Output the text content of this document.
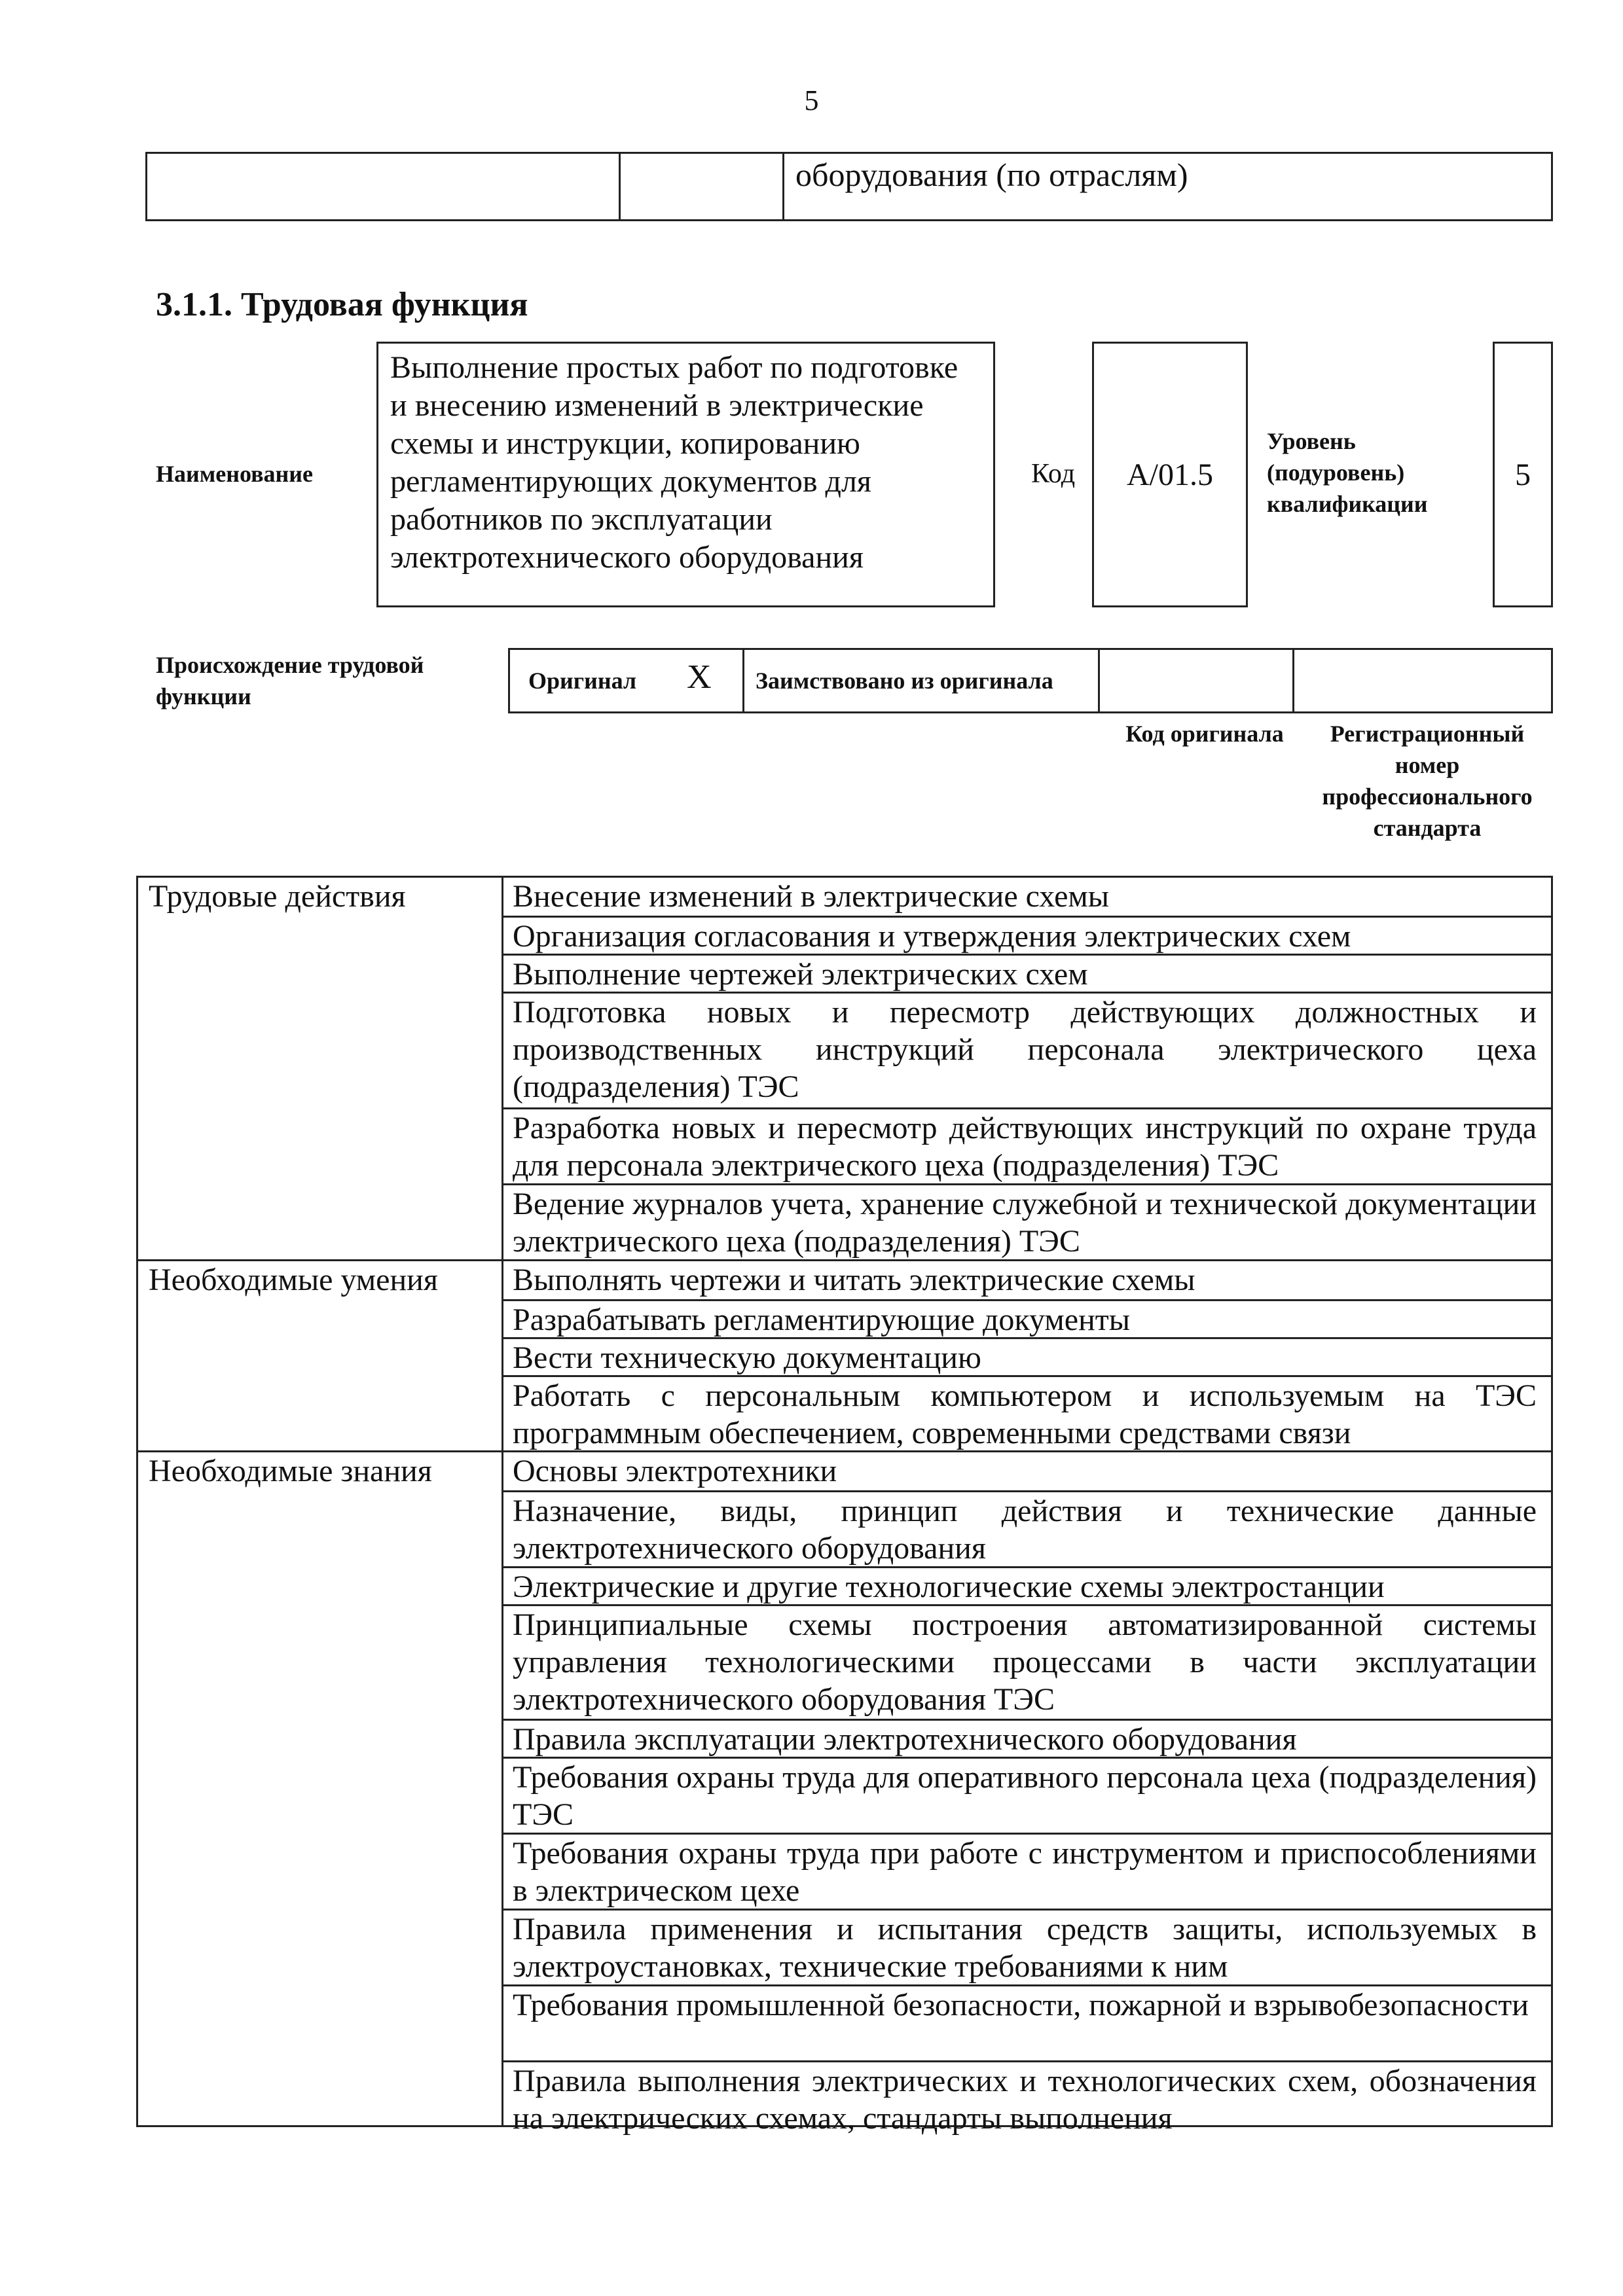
5
оборудования (по отраслям)
3.1.1. Трудовая функция
Наименование
Выполнение простых работ по подготовке и внесению изменений в электрические схемы и инструкции, копированию регламентирующих документов для работников по эксплуатации электротехнического оборудования
Код	А/01.5
Уровень (подуровень) квалификации
5
Происхождение трудовой функции
Оригинал X Заимствовано из оригинала
Код оригинала	Регистрационный номер профессионального стандарта
Трудовые действия	Внесение изменений в электрические схемы
Организация согласования и утверждения электрических схем
Выполнение чертежей электрических схем
Подготовка новых и пересмотр действующих должностных и производственных инструкций персонала электрического цеха (подразделения) ТЭС
Разработка новых и пересмотр действующих инструкций по охране труда для персонала электрического цеха (подразделения) ТЭС
Ведение журналов учета, хранение служебной и технической документации электрического цеха (подразделения) ТЭС
Необходимые умения Выполнять чертежи и читать электрические схемы
Разрабатывать регламентирующие документы
Вести техническую документацию
Работать с персональным компьютером и используемым на ТЭС программным обеспечением, современными средствами связи
Необходимые знания	Основы электротехники
Назначение, виды, принцип действия и технические данные электротехнического оборудования
Электрические и другие технологические схемы электростанции
Принципиальные схемы построения автоматизированной системы управления технологическими процессами в части эксплуатации электротехнического оборудования ТЭС
Правила эксплуатации электротехнического оборудования
Требования охраны труда для оперативного персонала цеха (подразделения) ТЭС
Требования охраны труда при работе с инструментом и приспособлениями в электрическом цехе
Правила применения и испытания средств защиты, используемых в электроустановках, технические требованиями к ним
Требования промышленной безопасности, пожарной и взрывобезопасности
Правила выполнения электрических и технологических схем, обозначения на электрических схемах, стандарты выполнения
